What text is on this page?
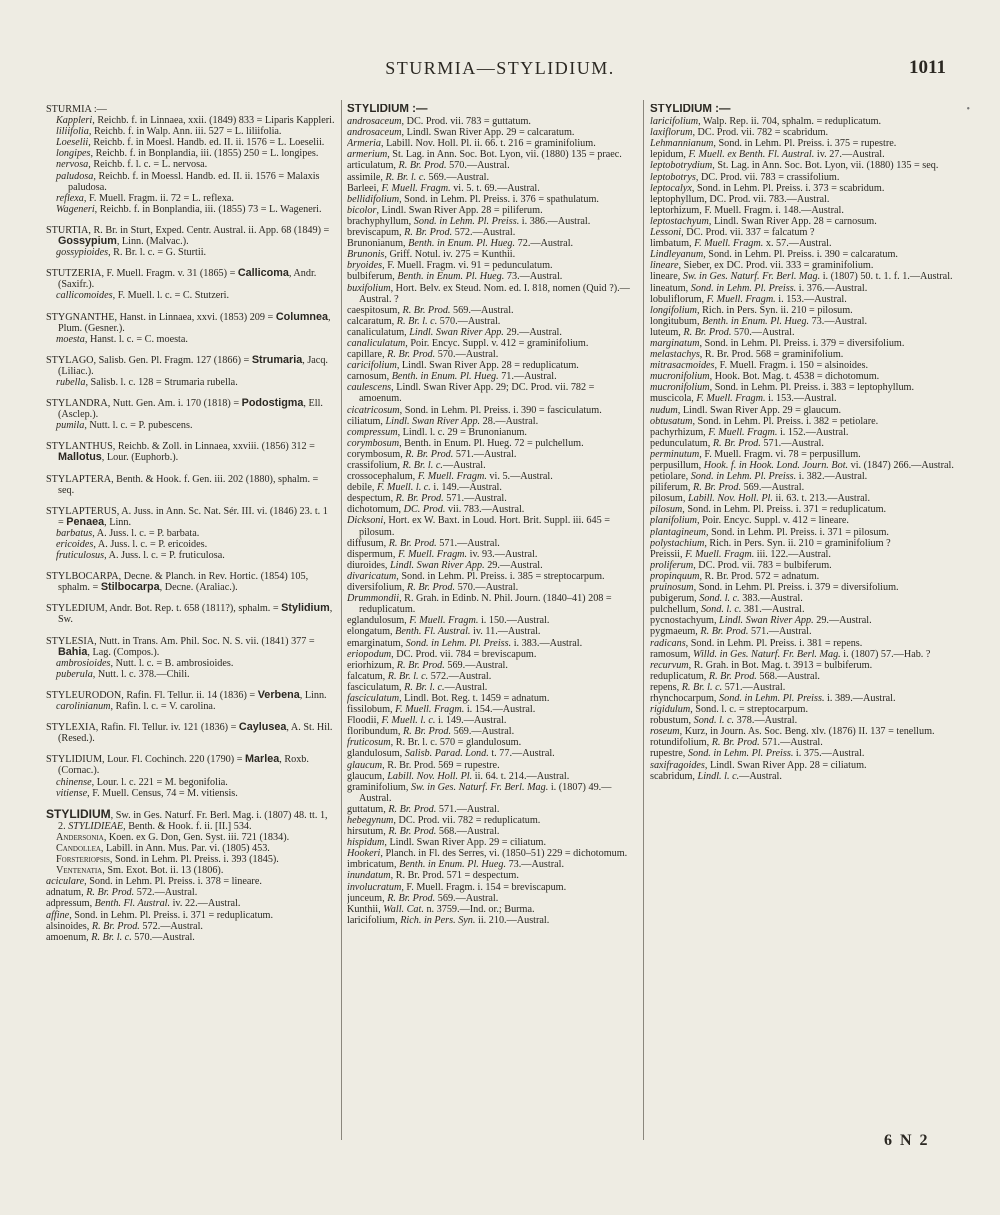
STURMIA—STYLIDIUM.	1011
•

STURMIA :—

Kappleri, Reichb. f. in Linnaea, xxii. (1849) 833 = Liparis Kappleri.

liliifolia, Reichb. f. in Walp. Ann. iii. 527 = L. liliifolia.

Loeselii, Reichb. f. in Moesl. Handb. ed. II. ii. 1576 = L. Loeselii.

longipes, Reichb. f. in Bonplandia, iii. (1855) 250 = L. longipes.

nervosa, Reichb. f. l. c. = L. nervosa.

paludosa, Reichb. f. in Moessl. Handb. ed. II. ii. 1576 = Malaxis paludosa.

reflexa, F. Muell. Fragm. ii. 72 = L. reflexa.

Wageneri, Reichb. f. in Bonplandia, iii. (1855) 73 = L. Wageneri.

STURTIA, R. Br. in Sturt, Exped. Centr. Austral. ii. App. 68 (1849) = Gossypium, Linn. (Malvac.).

gossypioides, R. Br. l. c. = G. Sturtii.

STUTZERIA, F. Muell. Fragm. v. 31 (1865) = Callicoma, Andr. (Saxifr.).

callicomoides, F. Muell. l. c. = C. Stutzeri.

STYGNANTHE, Hanst. in Linnaea, xxvi. (1853) 209 = Columnea, Plum. (Gesner.).

moesta, Hanst. l. c. = C. moesta.

STYLAGO, Salisb. Gen. Pl. Fragm. 127 (1866) = Strumaria, Jacq. (Liliac.).

rubella, Salisb. l. c. 128 = Strumaria rubella.

STYLANDRA, Nutt. Gen. Am. i. 170 (1818) = Podostigma, Ell. (Asclep.).

pumila, Nutt. l. c. = P. pubescens.

STYLANTHUS, Reichb. & Zoll. in Linnaea, xxviii. (1856) 312 = Mallotus, Lour. (Euphorb.).

STYLAPTERA, Benth. & Hook. f. Gen. iii. 202 (1880), sphalm. = seq.

STYLAPTERUS, A. Juss. in Ann. Sc. Nat. Sér. III. vi. (1846) 23. t. 1 = Penaea, Linn.

barbatus, A. Juss. l. c. = P. barbata.

ericoides, A. Juss. l. c. = P. ericoides.

fruticulosus, A. Juss. l. c. = P. fruticulosa.

STYLBOCARPA, Decne. & Planch. in Rev. Hortic. (1854) 105, sphalm. = Stilbocarpa, Decne. (Araliac.).

STYLEDIUM, Andr. Bot. Rep. t. 658 (1811?), sphalm. = Stylidium, Sw.

STYLESIA, Nutt. in Trans. Am. Phil. Soc. N. S. vii. (1841) 377 = Bahia, Lag. (Compos.).

ambrosioides, Nutt. l. c. = B. ambrosioides.

puberula, Nutt. l. c. 378.—Chili.

STYLEURODON, Rafin. Fl. Tellur. ii. 14 (1836) = Verbena, Linn.

carolinianum, Rafin. l. c. = V. carolina.

STYLEXIA, Rafin. Fl. Tellur. iv. 121 (1836) = Caylusea, A. St. Hil. (Resed.).

STYLIDIUM, Lour. Fl. Cochinch. 220 (1790) = Marlea, Roxb. (Cornac.).

chinense, Lour. l. c. 221 = M. begonifolia.

vitiense, F. Muell. Census, 74 = M. vitiensis.

STYLIDIUM, Sw. in Ges. Naturf. Fr. Berl. Mag. i. (1807) 48. tt. 1, 2. STYLIDIEAE, Benth. & Hook. f. ii. [II.] 534.

Andersonia, Koen. ex G. Don, Gen. Syst. iii. 721 (1834).

Candollea, Labill. in Ann. Mus. Par. vi. (1805) 453.

Forsteriopsis, Sond. in Lehm. Pl. Preiss. i. 393 (1845).

Ventenatia, Sm. Exot. Bot. ii. 13 (1806).

aciculare, Sond. in Lehm. Pl. Preiss. i. 378 = lineare.

adnatum, R. Br. Prod. 572.—Austral.

adpressum, Benth. Fl. Austral. iv. 22.—Austral.

affine, Sond. in Lehm. Pl. Preiss. i. 371 = reduplicatum.

alsinoides, R. Br. Prod. 572.—Austral.

amoenum, R. Br. l. c. 570.—Austral.

STYLIDIUM :—

androsaceum, DC. Prod. vii. 783 = guttatum.

androsaceum, Lindl. Swan River App. 29 = calcaratum.

Armeria, Labill. Nov. Holl. Pl. ii. 66. t. 216 = graminifolium.

armerium, St. Lag. in Ann. Soc. Bot. Lyon, vii. (1880) 135 = praec.

articulatum, R. Br. Prod. 570.—Austral.

assimile, R. Br. l. c. 569.—Austral.

Barleei, F. Muell. Fragm. vi. 5. t. 69.—Austral.

bellidifolium, Sond. in Lehm. Pl. Preiss. i. 376 = spathulatum.

bicolor, Lindl. Swan River App. 28 = piliferum.

brachyphyllum, Sond. in Lehm. Pl. Preiss. i. 386.—Austral.

breviscapum, R. Br. Prod. 572.—Austral.

Brunonianum, Benth. in Enum. Pl. Hueg. 72.—Austral.

Brunonis, Griff. Notul. iv. 275 = Kunthii.

bryoides, F. Muell. Fragm. vi. 91 = pedunculatum.

bulbiferum, Benth. in Enum. Pl. Hueg. 73.—Austral.

buxifolium, Hort. Belv. ex Steud. Nom. ed. I. 818, nomen (Quid ?).—Austral. ?

caespitosum, R. Br. Prod. 569.—Austral.

calcaratum, R. Br. l. c. 570.—Austral.

canaliculatum, Lindl. Swan River App. 29.—Austral.

canaliculatum, Poir. Encyc. Suppl. v. 412 = graminifolium.

capillare, R. Br. Prod. 570.—Austral.

caricifolium, Lindl. Swan River App. 28 = reduplicatum.

carnosum, Benth. in Enum. Pl. Hueg. 71.—Austral.

caulescens, Lindl. Swan River App. 29; DC. Prod. vii. 782 = amoenum.

cicatricosum, Sond. in Lehm. Pl. Preiss. i. 390 = fasciculatum.

ciliatum, Lindl. Swan River App. 28.—Austral.

compressum, Lindl. l. c. 29 = Brunonianum.

corymbosum, Benth. in Enum. Pl. Hueg. 72 = pulchellum.

corymbosum, R. Br. Prod. 571.—Austral.

crassifolium, R. Br. l. c.—Austral.

crossocephalum, F. Muell. Fragm. vi. 5.—Austral.

debile, F. Muell. l. c. i. 149.—Austral.

despectum, R. Br. Prod. 571.—Austral.

dichotomum, DC. Prod. vii. 783.—Austral.

Dicksoni, Hort. ex W. Baxt. in Loud. Hort. Brit. Suppl. iii. 645 = pilosum.

diffusum, R. Br. Prod. 571.—Austral.

dispermum, F. Muell. Fragm. iv. 93.—Austral.

diuroides, Lindl. Swan River App. 29.—Austral.

divaricatum, Sond. in Lehm. Pl. Preiss. i. 385 = streptocarpum.

diversifolium, R. Br. Prod. 570.—Austral.

Drummondii, R. Grah. in Edinb. N. Phil. Journ. (1840–41) 208 = reduplicatum.

eglandulosum, F. Muell. Fragm. i. 150.—Austral.

elongatum, Benth. Fl. Austral. iv. 11.—Austral.

emarginatum, Sond. in Lehm. Pl. Preiss. i. 383.—Austral.

eriopodum, DC. Prod. vii. 784 = breviscapum.

eriorhizum, R. Br. Prod. 569.—Austral.

falcatum, R. Br. l. c. 572.—Austral.

fasciculatum, R. Br. l. c.—Austral.

fasciculatum, Lindl. Bot. Reg. t. 1459 = adnatum.

fissilobum, F. Muell. Fragm. i. 154.—Austral.

Floodii, F. Muell. l. c. i. 149.—Austral.

floribundum, R. Br. Prod. 569.—Austral.

fruticosum, R. Br. l. c. 570 = glandulosum.

glandulosum, Salisb. Parad. Lond. t. 77.—Austral.

glaucum, R. Br. Prod. 569 = rupestre.

glaucum, Labill. Nov. Holl. Pl. ii. 64. t. 214.—Austral.

graminifolium, Sw. in Ges. Naturf. Fr. Berl. Mag. i. (1807) 49.—Austral.

guttatum, R. Br. Prod. 571.—Austral.

hebegynum, DC. Prod. vii. 782 = reduplicatum.

hirsutum, R. Br. Prod. 568.—Austral.

hispidum, Lindl. Swan River App. 29 = ciliatum.

Hookeri, Planch. in Fl. des Serres, vi. (1850–51) 229 = dichotomum.

imbricatum, Benth. in Enum. Pl. Hueg. 73.—Austral.

inundatum, R. Br. Prod. 571 = despectum.

involucratum, F. Muell. Fragm. i. 154 = breviscapum.

junceum, R. Br. Prod. 569.—Austral.

Kunthii, Wall. Cat. n. 3759.—Ind. or.; Burma.

laricifolium, Rich. in Pers. Syn. ii. 210.—Austral.

STYLIDIUM :—

laricifolium, Walp. Rep. ii. 704, sphalm. = reduplicatum.

laxiflorum, DC. Prod. vii. 782 = scabridum.

Lehmannianum, Sond. in Lehm. Pl. Preiss. i. 375 = rupestre.

lepidum, F. Muell. ex Benth. Fl. Austral. iv. 27.—Austral.

leptobotrydium, St. Lag. in Ann. Soc. Bot. Lyon, vii. (1880) 135 = seq.

leptobotrys, DC. Prod. vii. 783 = crassifolium.

leptocalyx, Sond. in Lehm. Pl. Preiss. i. 373 = scabridum.

leptophyllum, DC. Prod. vii. 783.—Austral.

leptorhizum, F. Muell. Fragm. i. 148.—Austral.

leptostachyum, Lindl. Swan River App. 28 = carnosum.

Lessoni, DC. Prod. vii. 337 = falcatum ?

limbatum, F. Muell. Fragm. x. 57.—Austral.

Lindleyanum, Sond. in Lehm. Pl. Preiss. i. 390 = calcaratum.

lineare, Sieber, ex DC. Prod. vii. 333 = graminifolium.

lineare, Sw. in Ges. Naturf. Fr. Berl. Mag. i. (1807) 50. t. 1. f. 1.—Austral.

lineatum, Sond. in Lehm. Pl. Preiss. i. 376.—Austral.

lobuliflorum, F. Muell. Fragm. i. 153.—Austral.

longifolium, Rich. in Pers. Syn. ii. 210 = pilosum.

longitubum, Benth. in Enum. Pl. Hueg. 73.—Austral.

luteum, R. Br. Prod. 570.—Austral.

marginatum, Sond. in Lehm. Pl. Preiss. i. 379 = diversifolium.

melastachys, R. Br. Prod. 568 = graminifolium.

mitrasacmoides, F. Muell. Fragm. i. 150 = alsinoides.

mucronifolium, Hook. Bot. Mag. t. 4538 = dichotomum.

mucronifolium, Sond. in Lehm. Pl. Preiss. i. 383 = leptophyllum.

muscicola, F. Muell. Fragm. i. 153.—Austral.

nudum, Lindl. Swan River App. 29 = glaucum.

obtusatum, Sond. in Lehm. Pl. Preiss. i. 382 = petiolare.

pachyrhizum, F. Muell. Fragm. i. 152.—Austral.

pedunculatum, R. Br. Prod. 571.—Austral.

perminutum, F. Muell. Fragm. vi. 78 = perpusillum.

perpusillum, Hook. f. in Hook. Lond. Journ. Bot. vi. (1847) 266.—Austral.

petiolare, Sond. in Lehm. Pl. Preiss. i. 382.—Austral.

piliferum, R. Br. Prod. 569.—Austral.

pilosum, Labill. Nov. Holl. Pl. ii. 63. t. 213.—Austral.

pilosum, Sond. in Lehm. Pl. Preiss. i. 371 = reduplicatum.

planifolium, Poir. Encyc. Suppl. v. 412 = lineare.

plantagineum, Sond. in Lehm. Pl. Preiss. i. 371 = pilosum.

polystachium, Rich. in Pers. Syn. ii. 210 = graminifolium ?

Preissii, F. Muell. Fragm. iii. 122.—Austral.

proliferum, DC. Prod. vii. 783 = bulbiferum.

propinquum, R. Br. Prod. 572 = adnatum.

pruinosum, Sond. in Lehm. Pl. Preiss. i. 379 = diversifolium.

pubigerum, Sond. l. c. 383.—Austral.

pulchellum, Sond. l. c. 381.—Austral.

pycnostachyum, Lindl. Swan River App. 29.—Austral.

pygmaeum, R. Br. Prod. 571.—Austral.

radicans, Sond. in Lehm. Pl. Preiss. i. 381 = repens.

ramosum, Willd. in Ges. Naturf. Fr. Berl. Mag. i. (1807) 57.—Hab. ?

recurvum, R. Grah. in Bot. Mag. t. 3913 = bulbiferum.

reduplicatum, R. Br. Prod. 568.—Austral.

repens, R. Br. l. c. 571.—Austral.

rhynchocarpum, Sond. in Lehm. Pl. Preiss. i. 389.—Austral.

rigidulum, Sond. l. c. = streptocarpum.

robustum, Sond. l. c. 378.—Austral.

roseum, Kurz, in Journ. As. Soc. Beng. xlv. (1876) II. 137 = tenellum.

rotundifolium, R. Br. Prod. 571.—Austral.

rupestre, Sond. in Lehm. Pl. Preiss. i. 375.—Austral.

saxifragoides, Lindl. Swan River App. 28 = ciliatum.

scabridum, Lindl. l. c.—Austral.

6 N 2
